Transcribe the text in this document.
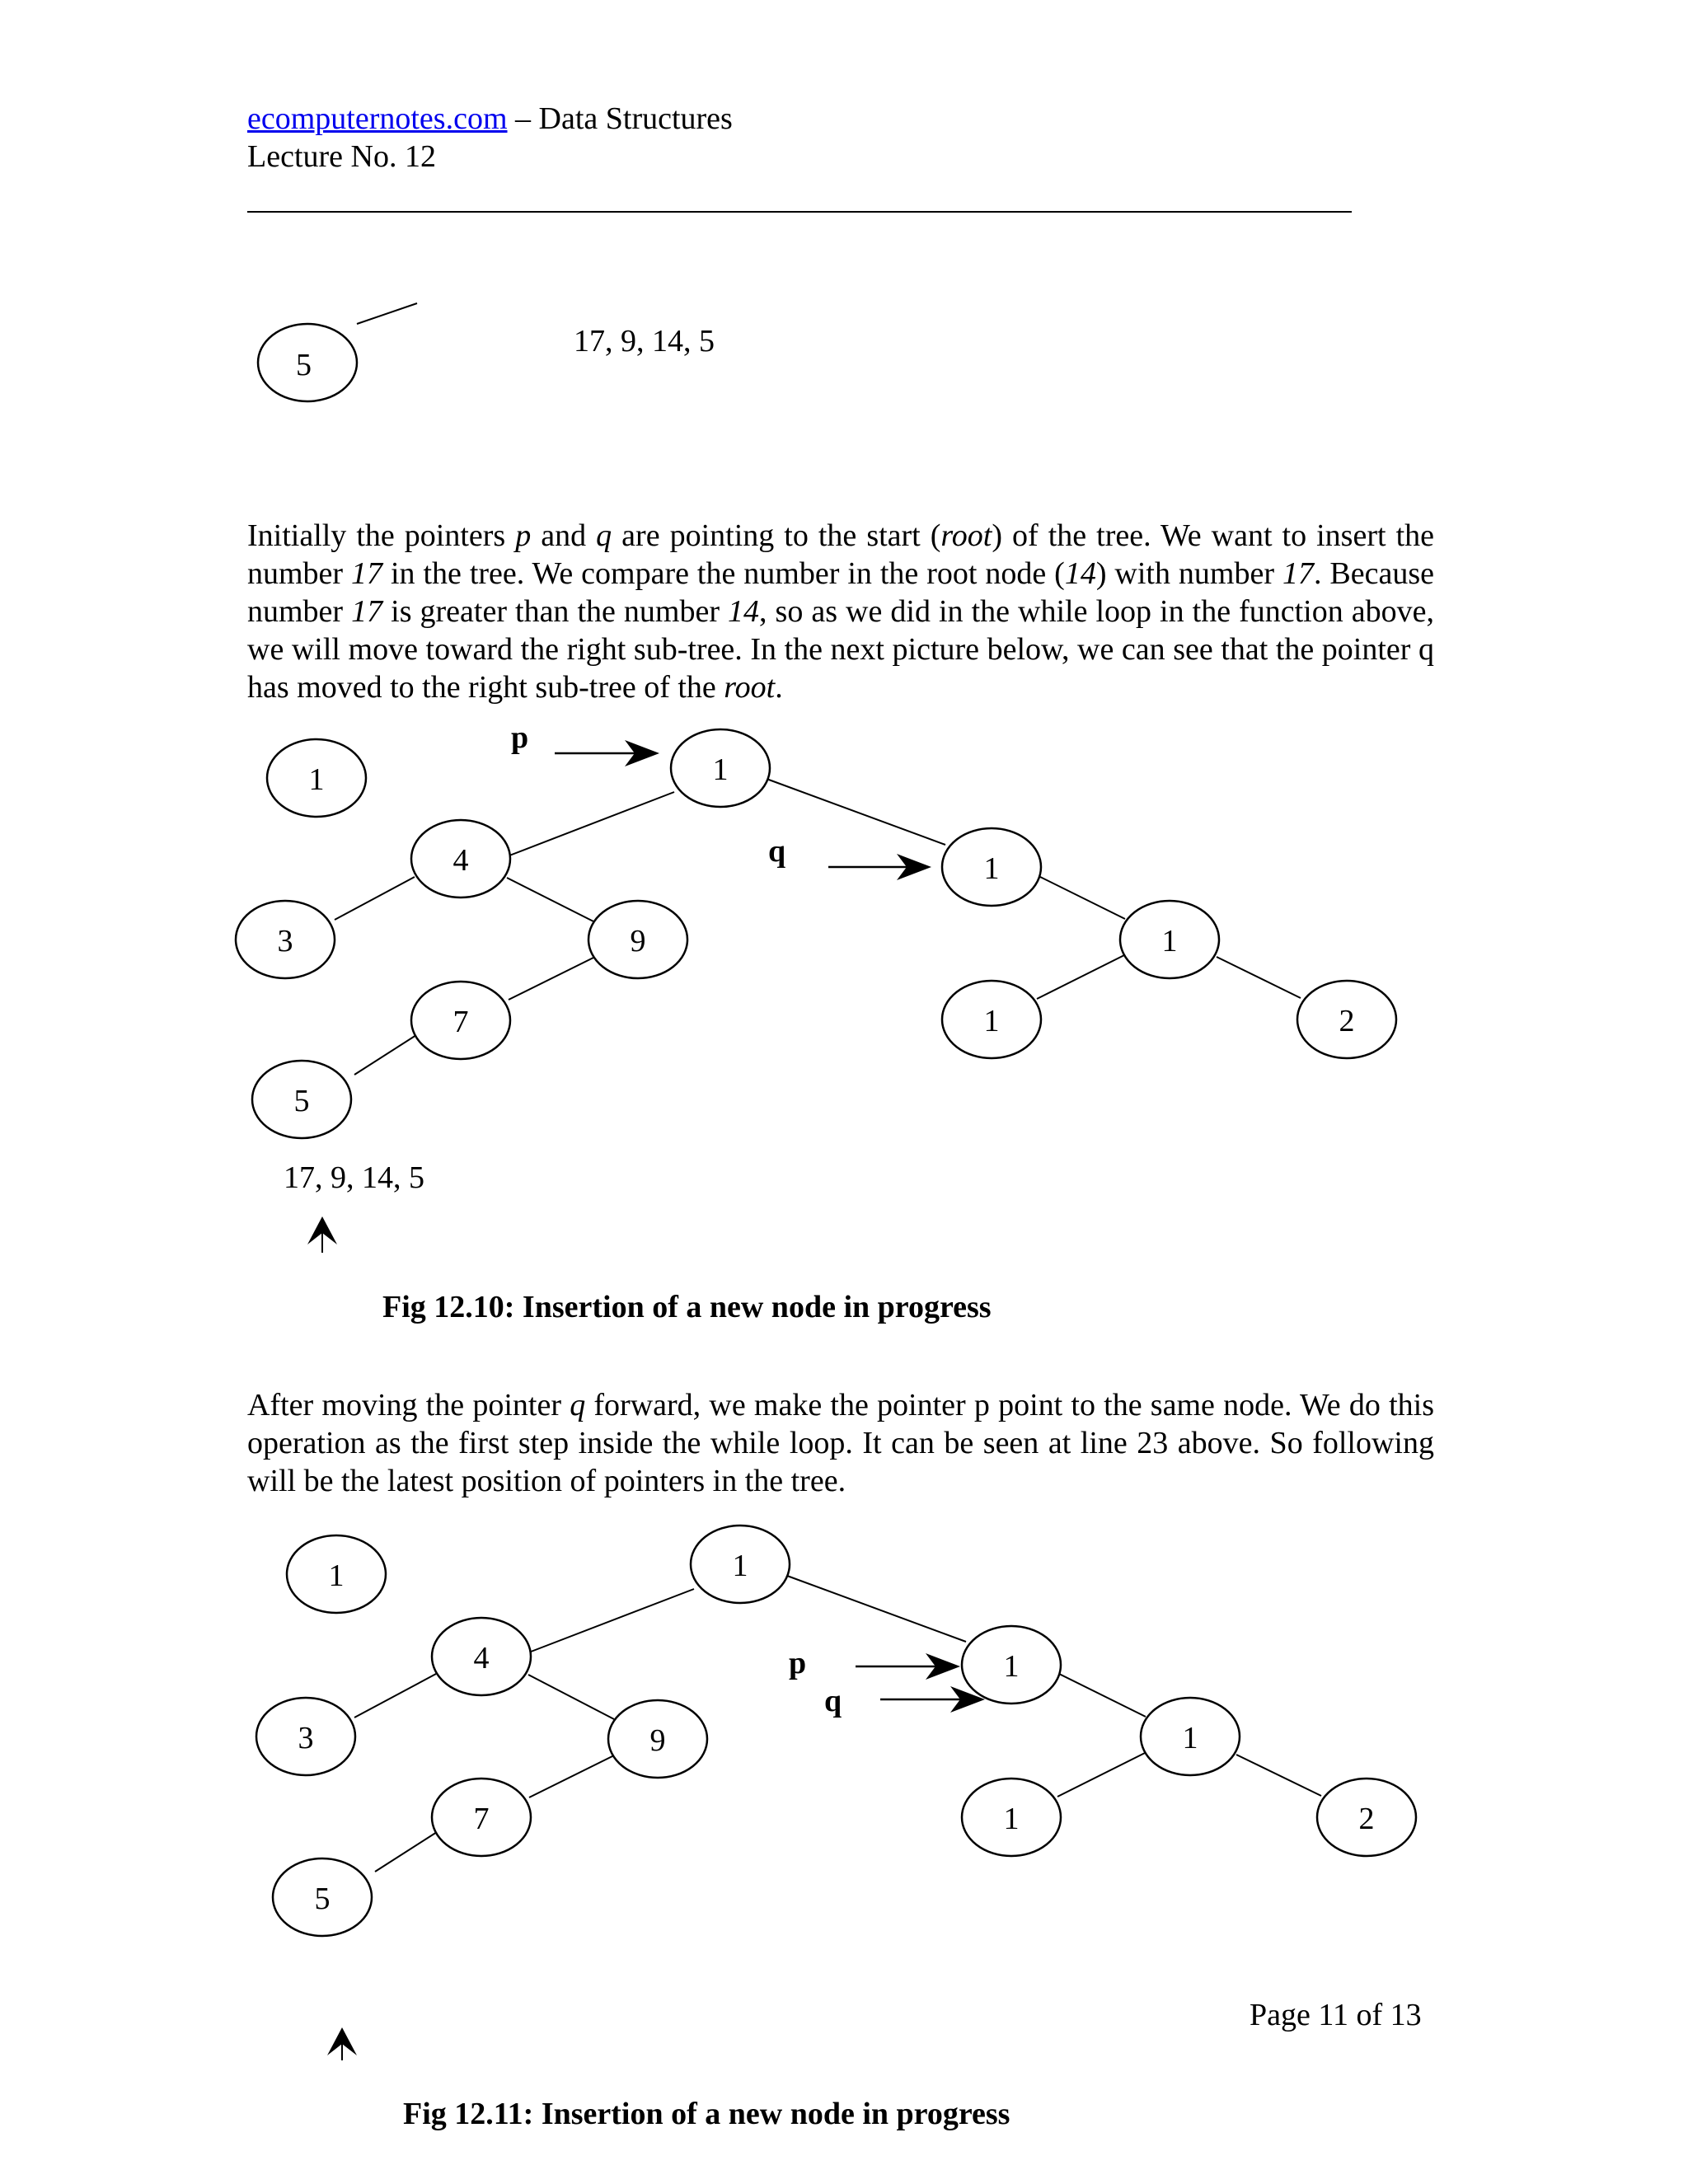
ecomputernotes.com – Data Structures
Lecture No. 12
5
17, 9, 14, 5
Initially the pointers p and q are pointing to the start (root) of the tree. We want to insert the number 17 in the tree. We compare the number in the root node (14) with number 17. Because number 17 is greater than the number 14, so as we did in the while loop in the function above, we will move toward the right sub-tree. In the next picture below, we can see that the pointer q has moved to the right sub-tree of the root.
p
q
1	1
4	1
3	9	1
7	1	2
5
17, 9, 14, 5
Fig 12.10: Insertion of a new node in progress
After moving the pointer q forward, we make the pointer p point to the same node. We do this operation as the first step inside the while loop. It can be seen at line 23 above. So following will be the latest position of pointers in the tree.
p
q
1	1
4	1
3	9	1
7	1	2
5
Page 11 of 13
Fig 12.11: Insertion of a new node in progress
